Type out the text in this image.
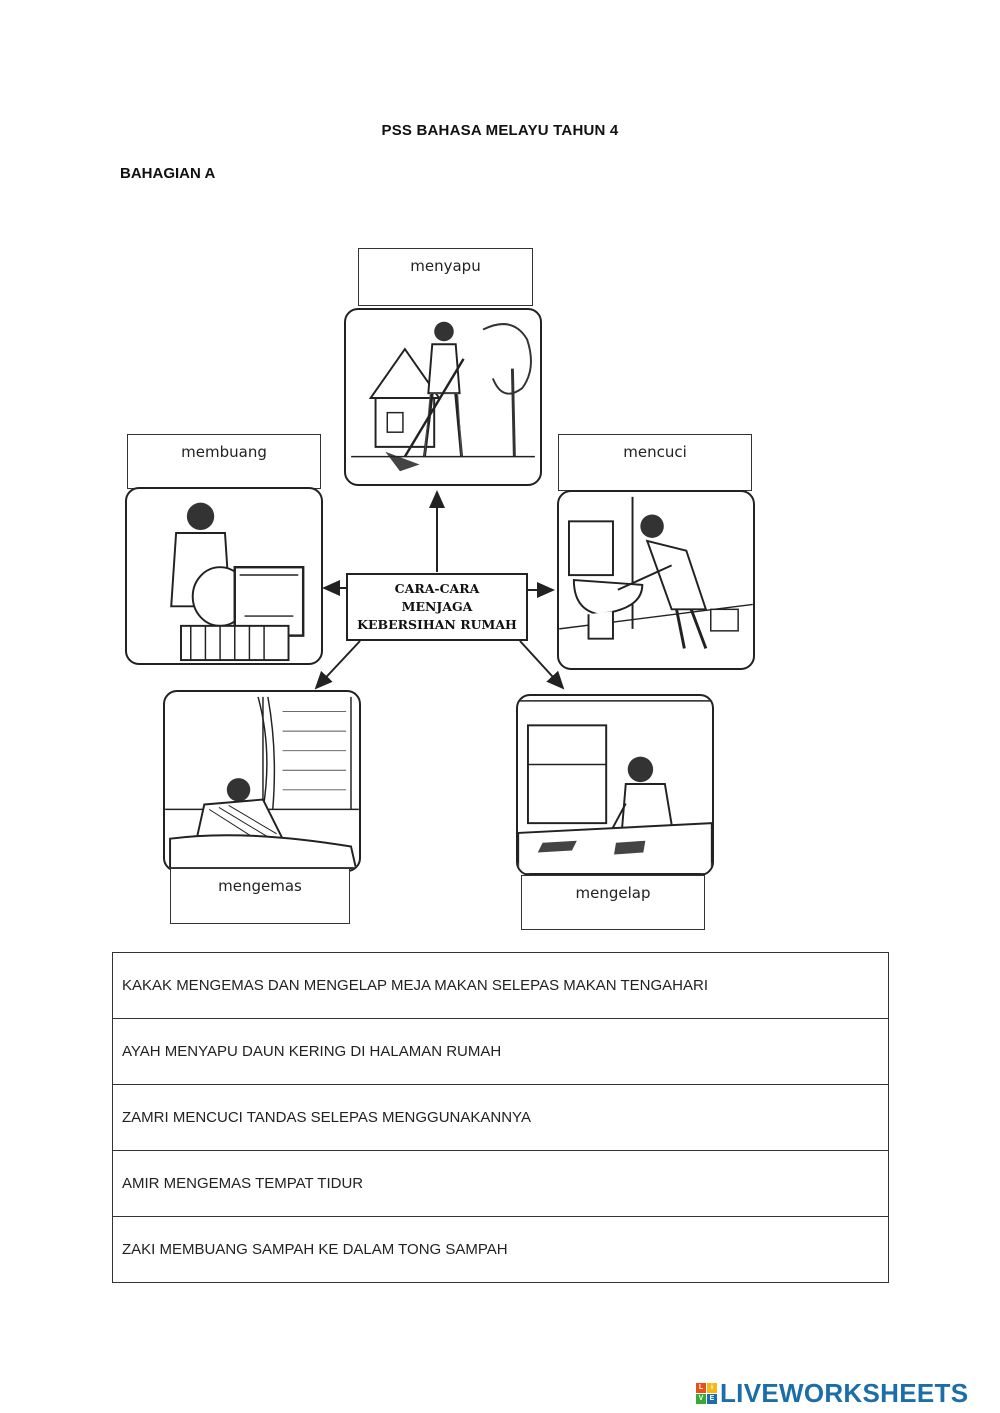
PSS BAHASA MELAYU TAHUN 4
BAHAGIAN A
menyapu
membuang	mencuci
mengemas	mengelap
CARA-CARA
MENJAGA
KEBERSIHAN RUMAH
KAKAK MENGEMAS DAN MENGELAP MEJA MAKAN SELEPAS MAKAN TENGAHARI
AYAH MENYAPU DAUN KERING DI HALAMAN RUMAH
ZAMRI MENCUCI TANDAS SELEPAS MENGGUNAKANNYA
AMIR MENGEMAS TEMPAT TIDUR
ZAKI MEMBUANG SAMPAH KE DALAM TONG SAMPAH
L	i
V E LIVEWORKSHEETS
